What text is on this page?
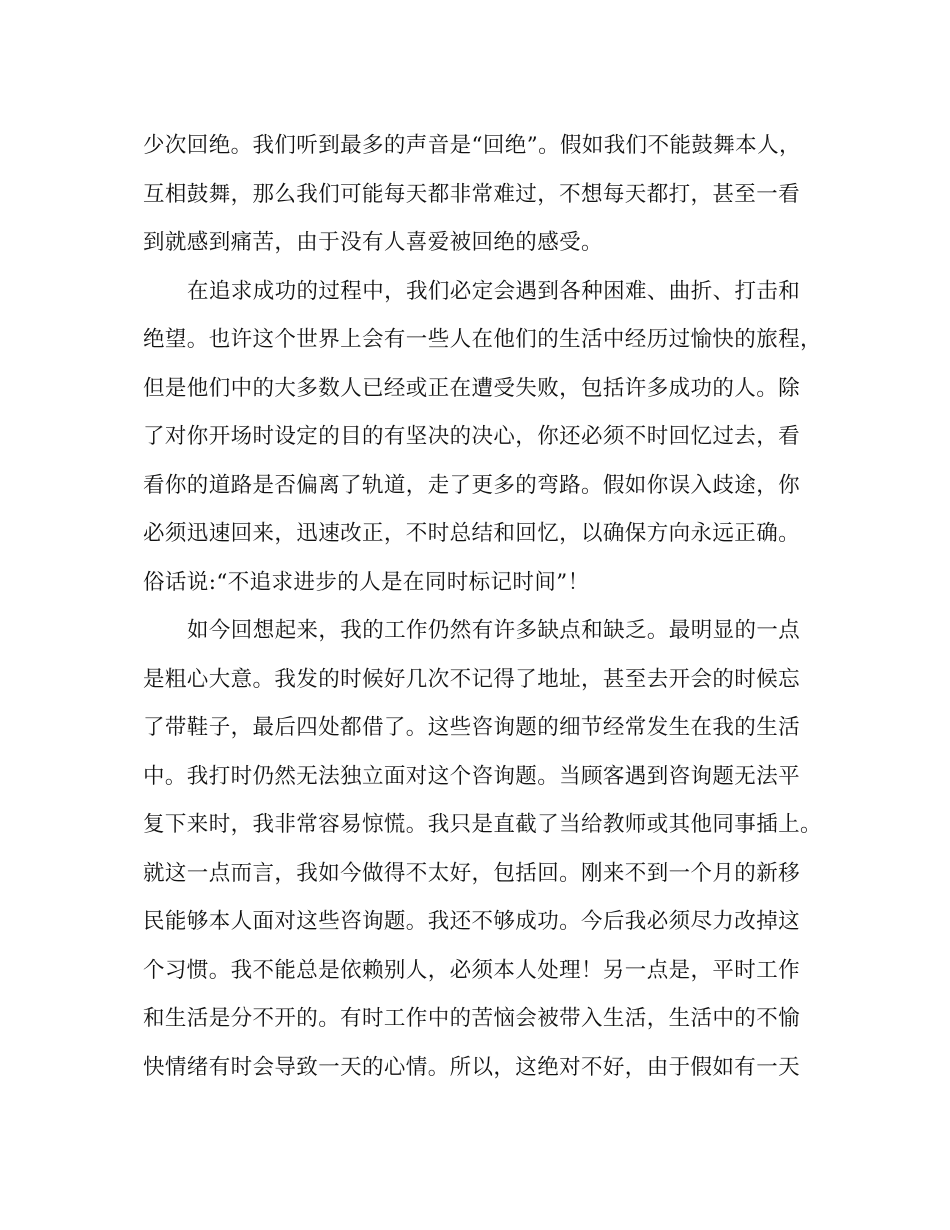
少次回绝。我们听到最多的声音是“回绝”。假如我们不能鼓舞本人，
互相鼓舞，那么我们可能每天都非常难过，不想每天都打，甚至一看
到就感到痛苦，由于没有人喜爱被回绝的感受。
在追求成功的过程中，我们必定会遇到各种困难、曲折、打击和
绝望。也许这个世界上会有一些人在他们的生活中经历过愉快的旅程，
但是他们中的大多数人已经或正在遭受失败，包括许多成功的人。除
了对你开场时设定的目的有坚决的决心，你还必须不时回忆过去，看
看你的道路是否偏离了轨道，走了更多的弯路。假如你误入歧途，你
必须迅速回来，迅速改正，不时总结和回忆，以确保方向永远正确。
俗话说:“不追求进步的人是在同时标记时间”！
如今回想起来，我的工作仍然有许多缺点和缺乏。最明显的一点
是粗心大意。我发的时候好几次不记得了地址，甚至去开会的时候忘
了带鞋子，最后四处都借了。这些咨询题的细节经常发生在我的生活
中。我打时仍然无法独立面对这个咨询题。当顾客遇到咨询题无法平
复下来时，我非常容易惊慌。我只是直截了当给教师或其他同事插上。
就这一点而言，我如今做得不太好，包括回。刚来不到一个月的新移
民能够本人面对这些咨询题。我还不够成功。今后我必须尽力改掉这
个习惯。我不能总是依赖别人，必须本人处理！另一点是，平时工作
和生活是分不开的。有时工作中的苦恼会被带入生活，生活中的不愉
快情绪有时会导致一天的心情。所以，这绝对不好，由于假如有一天
